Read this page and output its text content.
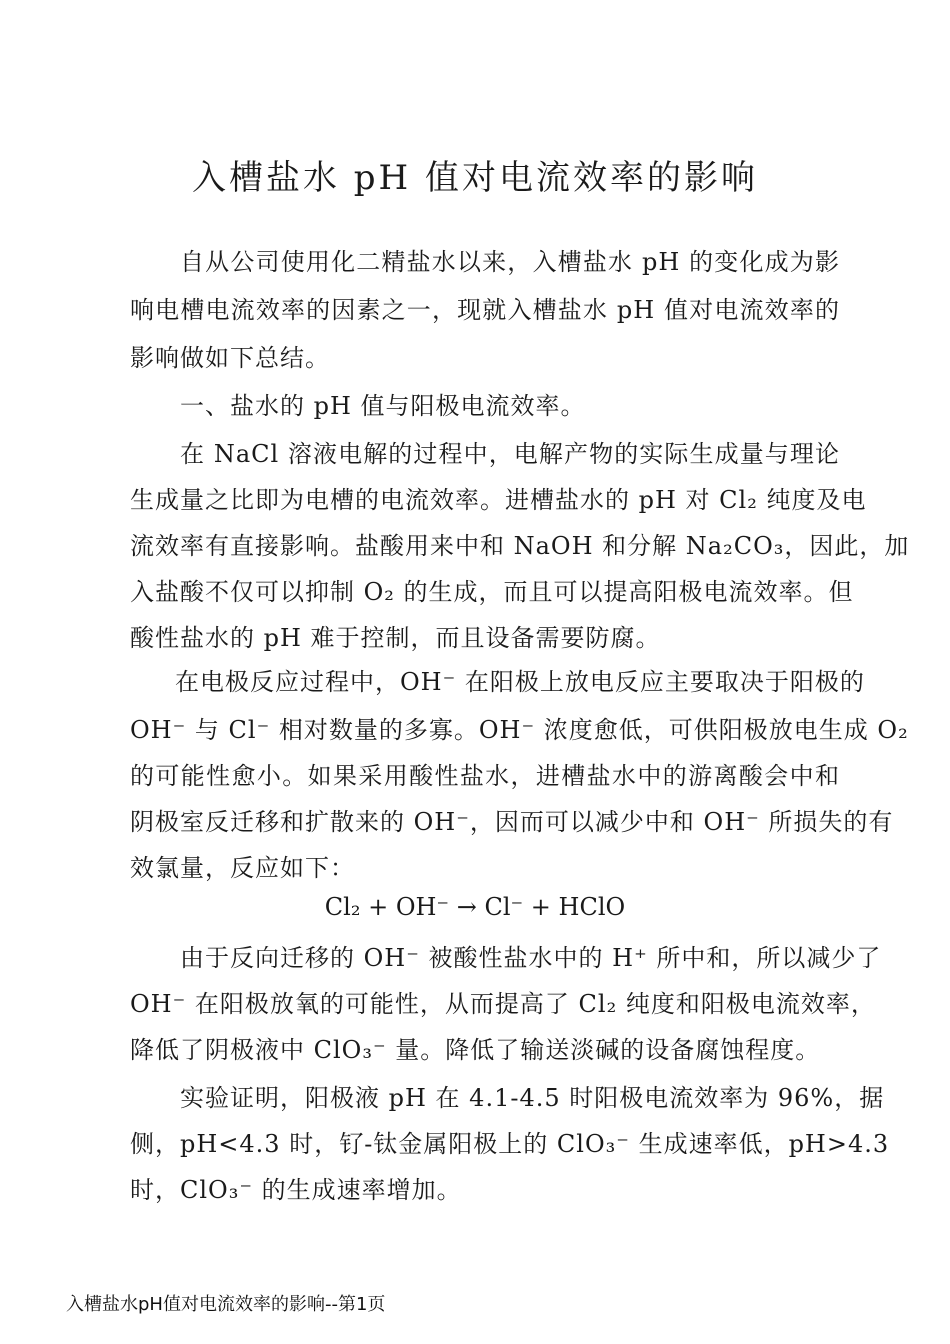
入槽盐水 pH 值对电流效率的影响
自从公司使用化二精盐水以来，入槽盐水 pH 的变化成为影
响电槽电流效率的因素之一，现就入槽盐水 pH 值对电流效率的
影响做如下总结。
一、盐水的 pH 值与阳极电流效率。
在 NaCl 溶液电解的过程中，电解产物的实际生成量与理论
生成量之比即为电槽的电流效率。进槽盐水的 pH 对 Cl₂ 纯度及电
流效率有直接影响。盐酸用来中和 NaOH 和分解 Na₂CO₃，因此，加
入盐酸不仅可以抑制 O₂ 的生成，而且可以提高阳极电流效率。但
酸性盐水的 pH 难于控制，而且设备需要防腐。
在电极反应过程中，OH⁻ 在阳极上放电反应主要取决于阳极的
OH⁻ 与 Cl⁻ 相对数量的多寡。OH⁻ 浓度愈低，可供阳极放电生成 O₂
的可能性愈小。如果采用酸性盐水，进槽盐水中的游离酸会中和
阴极室反迁移和扩散来的 OH⁻，因而可以减少中和 OH⁻ 所损失的有
效氯量，反应如下：
Cl₂ + OH⁻ → Cl⁻ + HClO
由于反向迁移的 OH⁻ 被酸性盐水中的 H⁺ 所中和，所以减少了
OH⁻ 在阳极放氧的可能性，从而提高了 Cl₂ 纯度和阳极电流效率，
降低了阴极液中 ClO₃⁻ 量。降低了输送淡碱的设备腐蚀程度。
实验证明，阳极液 pH 在 4.1-4.5 时阳极电流效率为 96%，据
侧，pH<4.3 时，钌-钛金属阳极上的 ClO₃⁻ 生成速率低，pH>4.3
时，ClO₃⁻ 的生成速率增加。
入槽盐水pH值对电流效率的影响--第1页
